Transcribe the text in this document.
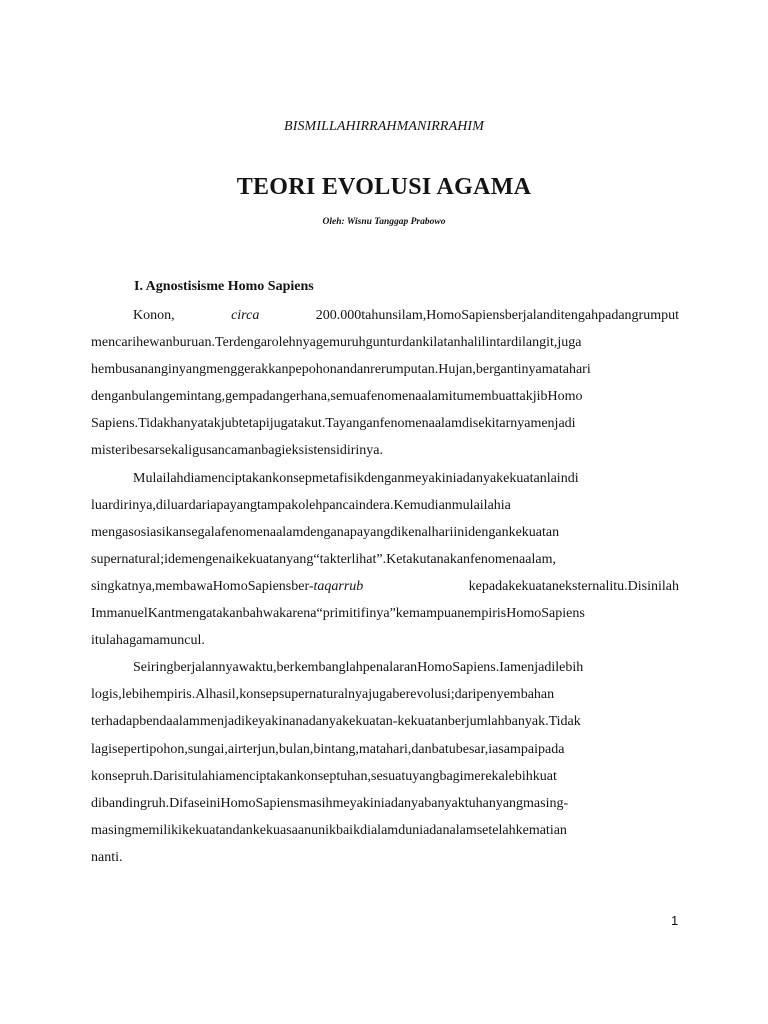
BISMILLAHIRRAHMANIRRAHIM
TEORI EVOLUSI AGAMA
Oleh: Wisnu Tanggap Prabowo
I. Agnostisisme Homo Sapiens
Konon,	circa	200.000tahunsilam,HomoSapiensberjalanditengahpadangrumput
mencarihewanburuan.Terdengarolehnyagemuruhgunturdankilatanhalilintardilangit,juga
hembusananginyangmenggerakkanpepohonandanrerumputan.Hujan,bergantinyamatahari
denganbulangemintang,gempadangerhana,semuafenomenaalamitumembuattakjibHomo
Sapiens.Tidakhanyatakjubtetapijugatakut.Tayanganfenomenaalamdisekitarnyamenjadi
misteribesarsekaligusancamanbagieksistensidirinya.
Mulailahdiamenciptakankonsepmetafisikdenganmeyakiniadanyakekuatanlaindi
luardirinya,diluardariapayangtampakolehpancaindera.Kemudianmulailahia
mengasosiasikansegalafenomenaalamdenganapayangdikenalhariinidengankekuatan
supernatural;idemengenaikekuatanyang“takterlihat”.Ketakutanakanfenomenaalam,
singkatnya,membawaHomoSapiensber-taqarrub	kepadakekuataneksternalitu.Disinilah
ImmanuelKantmengatakanbahwakarena“primitifinya”kemampuanempirisHomoSapiens
itulahagamamuncul.
Seiringberjalannyawaktu,berkembanglahpenalaranHomoSapiens.Iamenjadilebih
logis,lebihempiris.Alhasil,konsepsupernaturalnyajugaberevolusi;daripenyembahan
terhadapbendaalammenjadikeyakinanadanyakekuatan-kekuatanberjumlahbanyak.Tidak
lagisepertipohon,sungai,airterjun,bulan,bintang,matahari,danbatubesar,iasampaipada
konsepruh.Darisitulahiamenciptakankonseptuhan,sesuatuyangbagimerekalebihkuat
dibandingruh.DifaseiniHomoSapiensmasihmeyakiniadanyabanyaktuhanyangmasing-
masingmemilikikekuatandankekuasaanunikbaikdialamduniadanalamsetelahkematian
nanti.
1
